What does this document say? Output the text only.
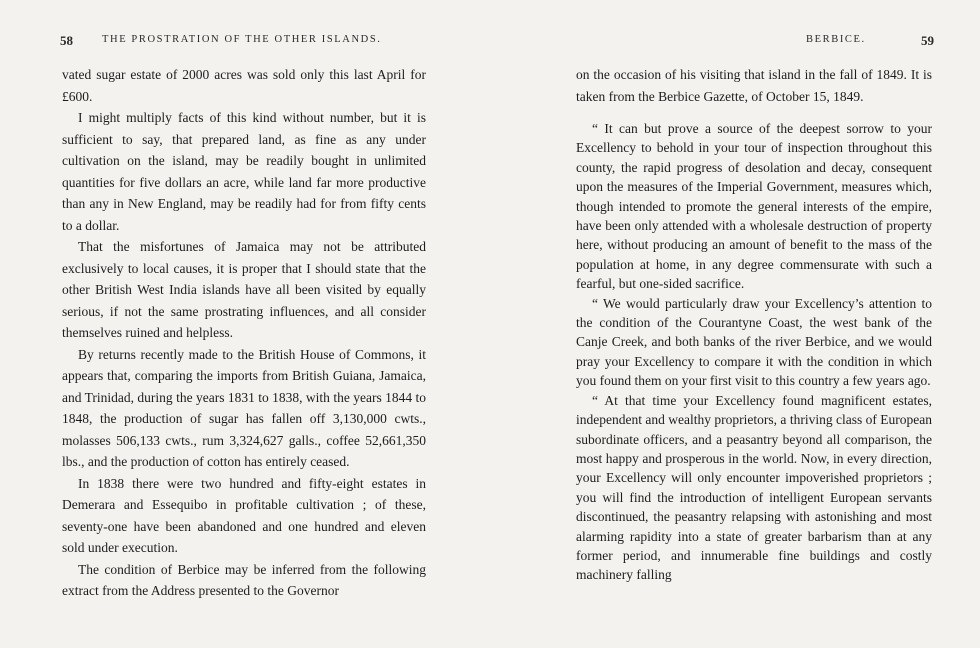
58	THE PROSTRATION OF THE OTHER ISLANDS.

vated sugar estate of 2000 acres was sold only this last April for £600.

I might multiply facts of this kind without number, but it is sufficient to say, that prepared land, as fine as any under cultivation on the island, may be readily bought in unlimited quantities for five dollars an acre, while land far more productive than any in New England, may be readily had for from fifty cents to a dollar.

That the misfortunes of Jamaica may not be attributed exclusively to local causes, it is proper that I should state that the other British West India islands have all been visited by equally serious, if not the same prostrating influences, and all consider themselves ruined and helpless.

By returns recently made to the British House of Commons, it appears that, comparing the imports from British Guiana, Jamaica, and Trinidad, during the years 1831 to 1838, with the years 1844 to 1848, the production of sugar has fallen off 3,130,000 cwts., molasses 506,133 cwts., rum 3,324,627 galls., coffee 52,661,350 lbs., and the production of cotton has entirely ceased.

In 1838 there were two hundred and fifty-eight estates in Demerara and Essequibo in profitable cultivation ; of these, seventy-one have been abandoned and one hundred and eleven sold under execution.

The condition of Berbice may be inferred from the following extract from the Address presented to the Governor

BERBICE.	59

on the occasion of his visiting that island in the fall of 1849. It is taken from the Berbice Gazette, of October 15, 1849.

“ It can but prove a source of the deepest sorrow to your Excellency to behold in your tour of inspection throughout this county, the rapid progress of desolation and decay, consequent upon the measures of the Imperial Government, measures which, though intended to promote the general interests of the empire, have been only attended with a wholesale destruction of property here, without producing an amount of benefit to the mass of the population at home, in any degree commensurate with such a fearful, but one-sided sacrifice.

“ We would particularly draw your Excellency’s attention to the condition of the Courantyne Coast, the west bank of the Canje Creek, and both banks of the river Berbice, and we would pray your Excellency to compare it with the condition in which you found them on your first visit to this country a few years ago.

“ At that time your Excellency found magnificent estates, independent and wealthy proprietors, a thriving class of European subordinate officers, and a peasantry beyond all comparison, the most happy and prosperous in the world. Now, in every direction, your Excellency will only encounter impoverished proprietors ; you will find the introduction of intelligent European servants discontinued, the peasantry relapsing with astonishing and most alarming rapidity into a state of greater barbarism than at any former period, and innumerable fine buildings and costly machinery falling
